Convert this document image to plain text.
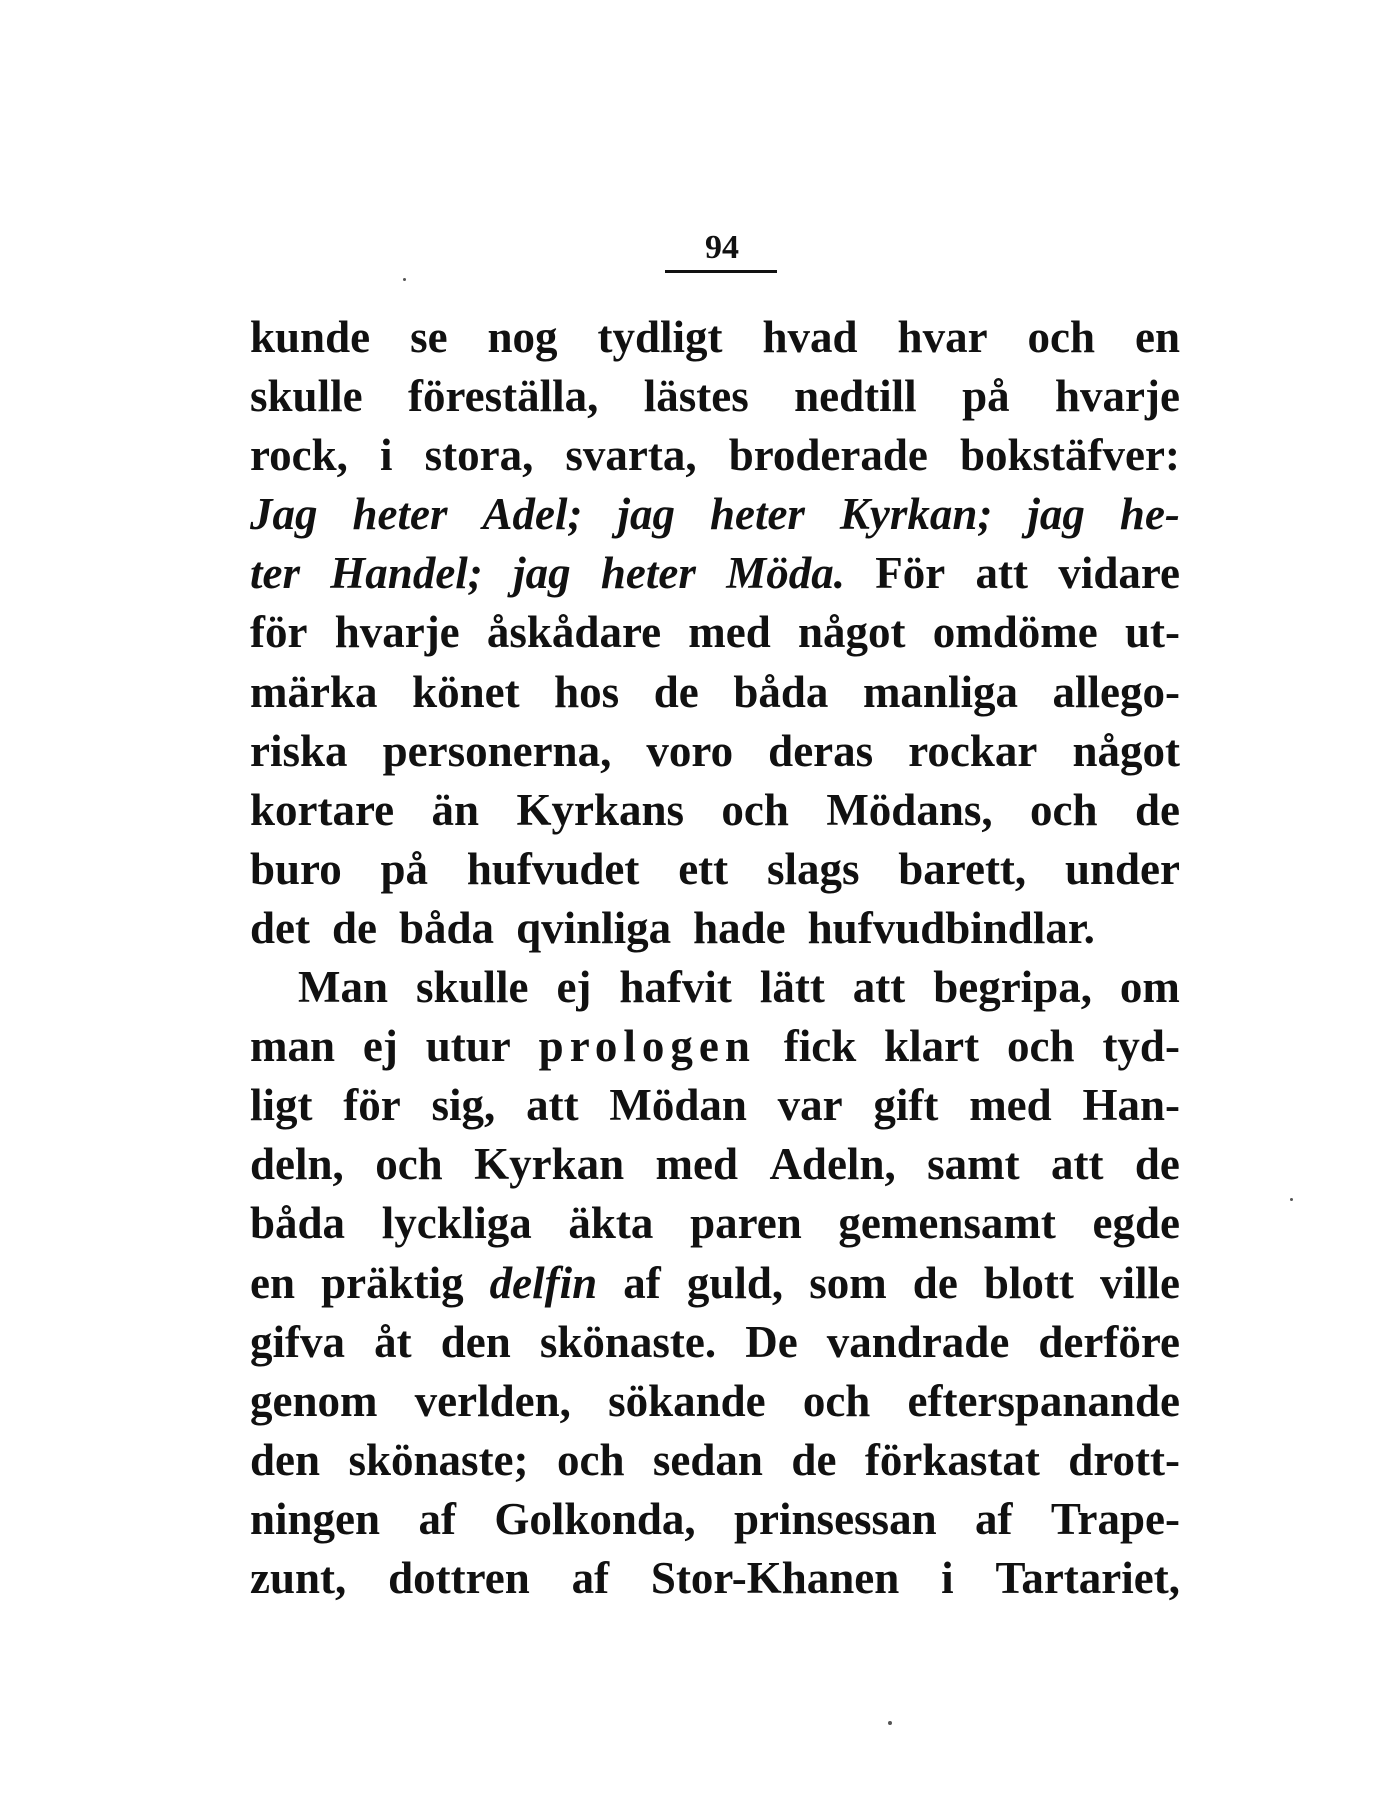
94
kunde se nog tydligt hvad hvar och en
skulle föreställa, lästes nedtill på hvarje
rock, i stora, svarta, broderade bokstäfver:
Jag heter Adel; jag heter Kyrkan; jag he-
ter Handel; jag heter Möda. För att vidare
för hvarje åskådare med något omdöme ut-
märka könet hos de båda manliga allego-
riska personerna, voro deras rockar något
kortare än Kyrkans och Mödans, och de
buro på hufvudet ett slags barett, under
det de båda qvinliga hade hufvudbindlar.
Man skulle ej hafvit lätt att begripa, om
man ej utur prologen fick klart och tyd-
ligt för sig, att Mödan var gift med Han-
deln, och Kyrkan med Adeln, samt att de
båda lyckliga äkta paren gemensamt egde
en präktig delfin af guld, som de blott ville
gifva åt den skönaste. De vandrade derföre
genom verlden, sökande och efterspanande
den skönaste; och sedan de förkastat drott-
ningen af Golkonda, prinsessan af Trape-
zunt, dottren af Stor-Khanen i Tartariet,
